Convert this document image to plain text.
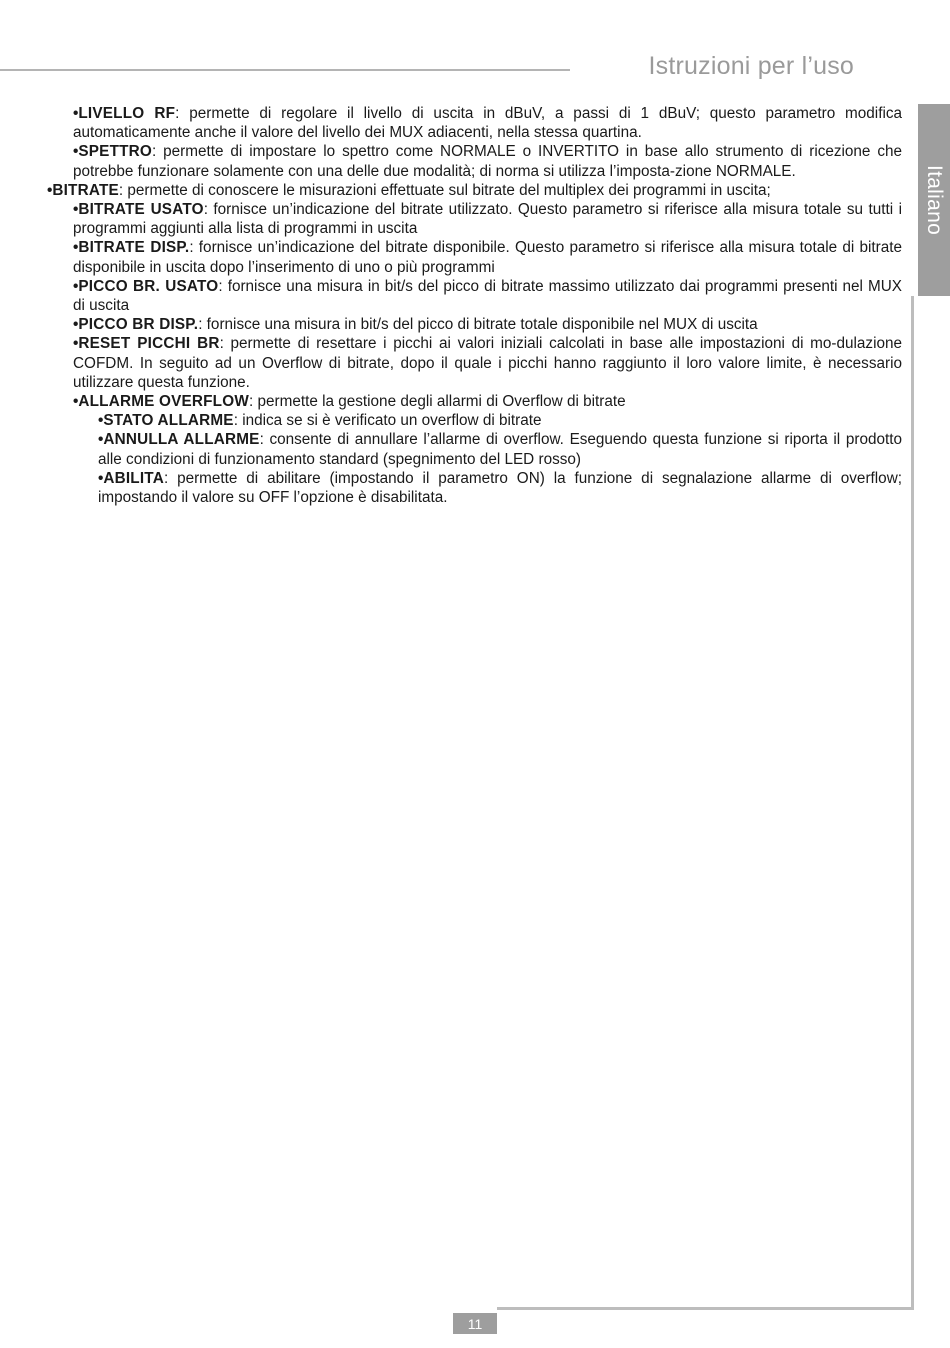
Istruzioni per l’uso
Italiano
•LIVELLO RF: permette di regolare il livello di uscita in dBuV, a passi di 1 dBuV; questo parametro modifica automaticamente anche il valore del livello dei MUX adiacenti, nella stessa quartina.
•SPETTRO: permette di impostare lo spettro come NORMALE o INVERTITO in base allo strumento di ricezione che potrebbe funzionare solamente con una delle due modalità; di norma si utilizza l’imposta-zione NORMALE.
•BITRATE: permette di conoscere le misurazioni effettuate sul bitrate del multiplex dei programmi in uscita;
•BITRATE USATO: fornisce un’indicazione del bitrate utilizzato. Questo parametro si riferisce alla misura totale su tutti i programmi aggiunti alla lista di programmi in uscita
•BITRATE DISP.: fornisce un’indicazione del bitrate disponibile. Questo parametro si riferisce alla misura totale di bitrate disponibile in uscita dopo l’inserimento di uno o più programmi
•PICCO BR. USATO: fornisce una misura in bit/s del picco di bitrate massimo utilizzato dai programmi presenti nel MUX di uscita
•PICCO BR DISP.: fornisce una misura in bit/s del picco di bitrate totale disponibile nel MUX di uscita
•RESET PICCHI BR: permette di resettare i picchi ai valori iniziali calcolati in base alle impostazioni di mo-dulazione COFDM. In seguito ad un Overflow di bitrate, dopo il quale i picchi hanno raggiunto il loro valore limite, è necessario utilizzare questa funzione.
•ALLARME OVERFLOW: permette la gestione degli allarmi di Overflow di bitrate
•STATO ALLARME: indica se si è verificato un overflow di bitrate
•ANNULLA ALLARME: consente di annullare l’allarme di overflow. Eseguendo questa funzione si riporta il prodotto alle condizioni di funzionamento standard (spegnimento del LED rosso)
•ABILITA: permette di abilitare (impostando il parametro ON) la funzione di segnalazione allarme di overflow; impostando il valore su OFF l’opzione è disabilitata.
11
